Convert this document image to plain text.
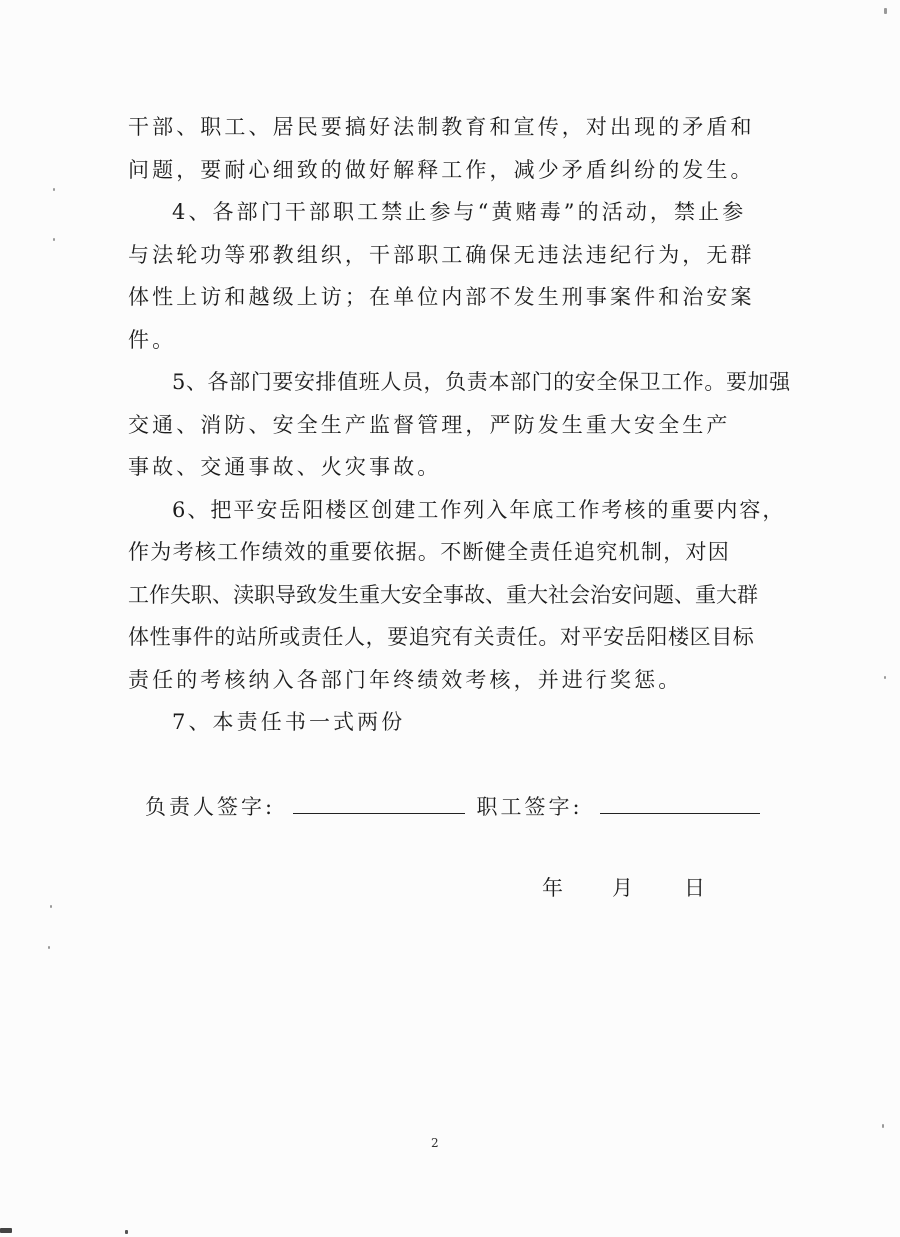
干部、职工、居民要搞好法制教育和宣传，对出现的矛盾和
问题，要耐心细致的做好解释工作，减少矛盾纠纷的发生。
4、各部门干部职工禁止参与“黄赌毒”的活动，禁止参
与法轮功等邪教组织，干部职工确保无违法违纪行为，无群
体性上访和越级上访；在单位内部不发生刑事案件和治安案
件。
5、各部门要安排值班人员，负责本部门的安全保卫工作。要加强
交通、消防、安全生产监督管理，严防发生重大安全生产
事故、交通事故、火灾事故。
6、把平安岳阳楼区创建工作列入年底工作考核的重要内容，
作为考核工作绩效的重要依据。不断健全责任追究机制，对因
工作失职、渎职导致发生重大安全事故、重大社会治安问题、重大群
体性事件的站所或责任人，要追究有关责任。对平安岳阳楼区目标
责任的考核纳入各部门年终绩效考核，并进行奖惩。
7、本责任书一式两份
负责人签字:	职工签字:
年 月 日
2
